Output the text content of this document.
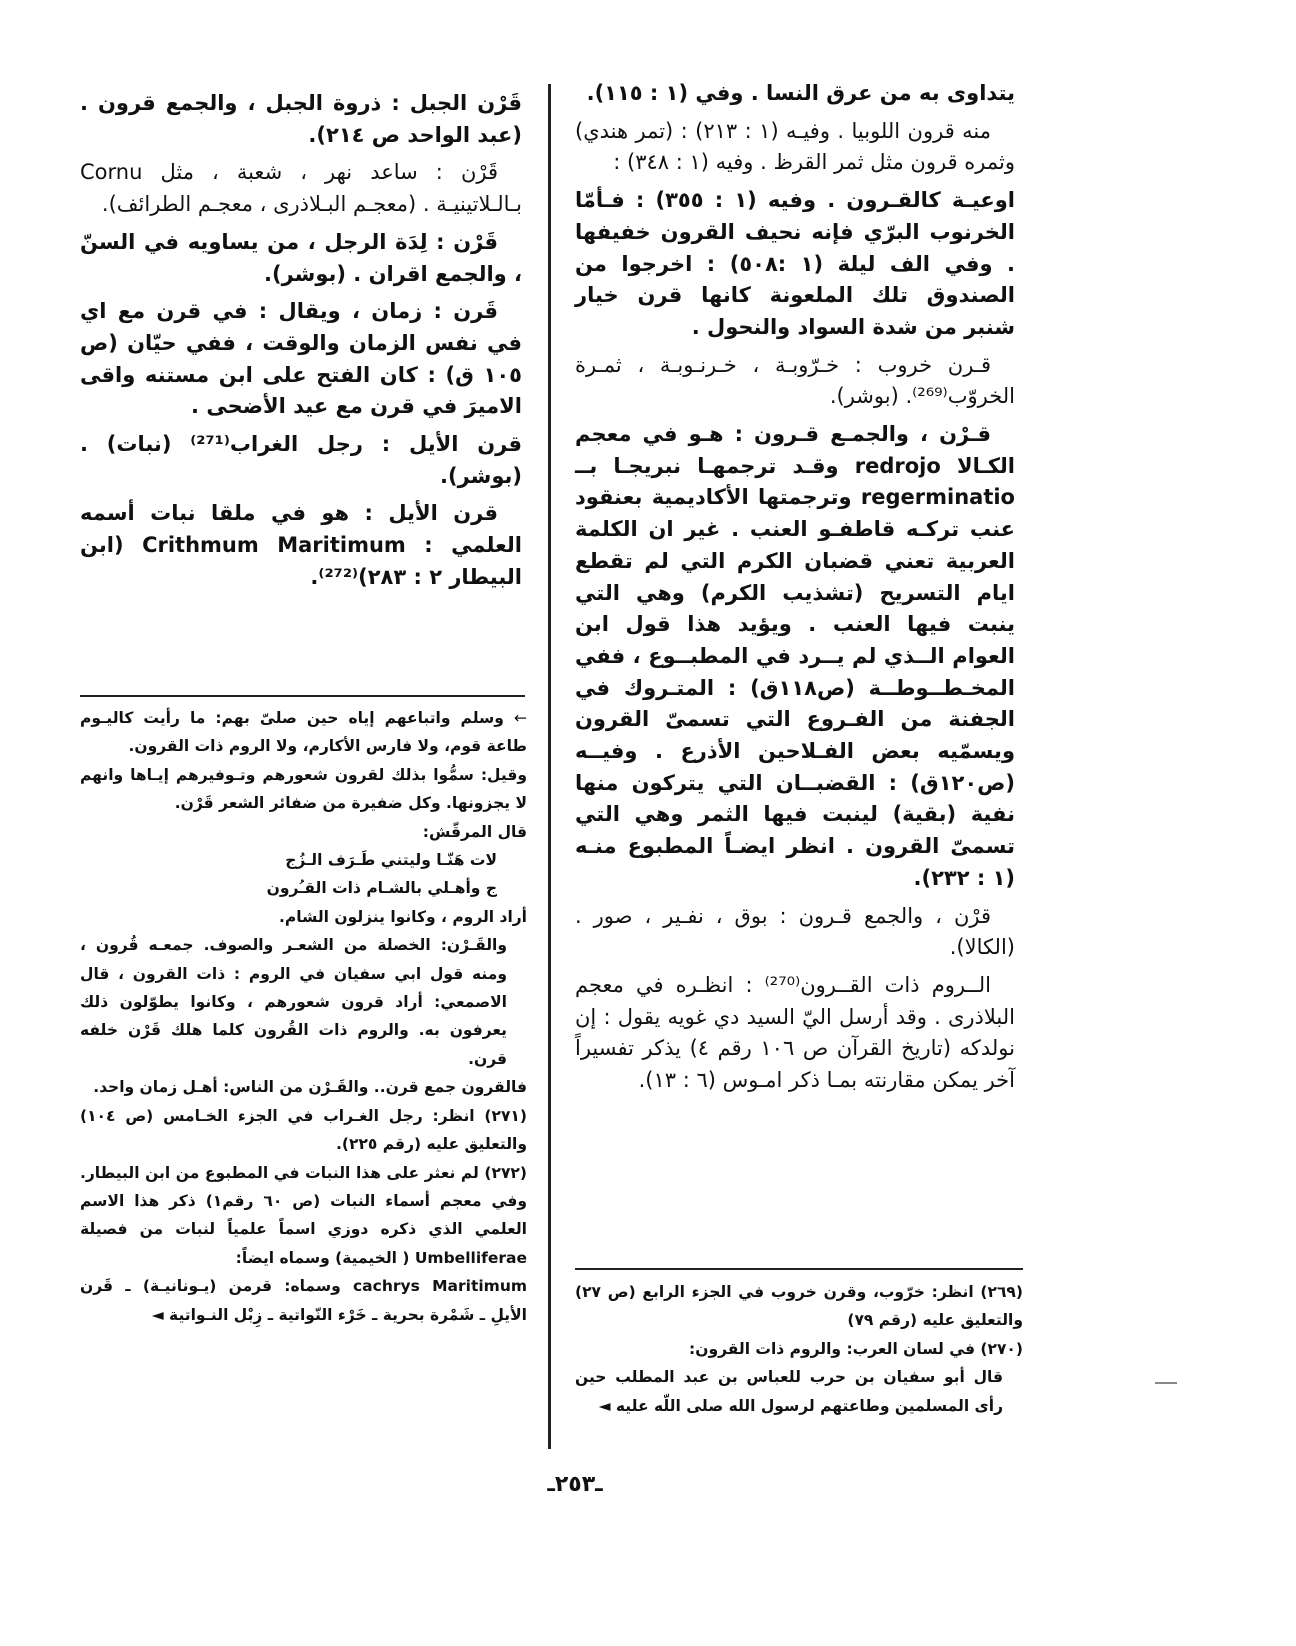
يتداوى به من عرق النسا . وفي (١ : ١١٥).

منه قرون اللوبيا . وفيـه (١ : ٢١٣) : (تمر هندي) وثمره قرون مثل ثمر القرظ . وفيه (١ : ٣٤٨) :

اوعيـة كالقـرون . وفيه (١ : ٣٥٥) : فـأمّا الخرنوب البرّي فإنه نحيف القرون خفيفها . وفي الف ليلة (١ :٥٠٨) : اخرجوا من الصندوق تلك الملعونة كانها قرن خيار شنبر من شدة السواد والنحول .

قـرن خروب : خـرّوبـة ، خـرنـوبـة ، ثمـرة الخروّب⁽²⁶⁹⁾. (بوشر).

قـرْن ، والجمـع قـرون : هـو في معجم الكـالا redrojo وقـد ترجمهـا نبريجـا بــ regerminatio وترجمتها الأكاديمية بعنقود عنب تركـه قاطفـو العنب . غير ان الكلمة العربية تعني قضبان الكرم التي لم تقطع ايام التسريح (تشذيب الكرم) وهي التي ينبت فيها العنب . ويؤيد هذا قول ابن العوام الــذي لم يــرد في المطبــوع ، ففي المخـطــوطــة (ص١١٨ق) : المتـروك في الجفنة من الفـروع التي تسمىّ القرون ويسمّيه بعض الفـلاحين الأذرع . وفيــه (ص١٢٠ق) : القضبــان التي يتركون منها نفية (بقية) لينبت فيها الثمر وهي التي تسمىّ القرون . انظر ايضـاً المطبوع منـه (١ : ٢٣٢).

قرْن ، والجمع قـرون : بوق ، نفـير ، صور . (الكالا).

الــروم ذات القــرون⁽²⁷⁰⁾ : انظـره في معجم البلاذرى . وقد أرسل اليّ السيد دي غويه يقول : إن نولدكه (تاريخ القرآن ص ١٠٦ رقم ٤) يذكر تفسيراً آخر يمكن مقارنته بمـا ذكر امـوس (٦ : ١٣).

قَرْن الجبل : ذروة الجبل ، والجمع قرون . (عبد الواحد ص ٢١٤).

قَرْن : ساعد نهر ، شعبة ، مثل Cornu بـالـلاتينيـة . (معجـم البـلاذرى ، معجـم الطرائف).

قَرْن : لِدَة الرجل ، من يساويه في السنّ ، والجمع اقران . (بوشر).

قَرن : زمان ، ويقال : في قرن مع اي في نفس الزمان والوقت ، ففي حيّان (ص ١٠٥ ق) : كان الفتح على ابن مستنه واقى الاميرَ في قرن مع عيد الأضحى .

قرن الأيل : رجل الغراب⁽²⁷¹⁾ (نبات) . (بوشر).

قرن الأيل : هو في ملقا نبات أسمه العلمي : Crithmum Maritimum (ابن البيطار ٢ : ٢٨٣)⁽²⁷²⁾.

← وسلم واتباعهم إياه حين صلىّ بهم: ما رأيت كاليـوم طاعة قوم، ولا فارس الأكارم، ولا الروم ذات القرون.

وقيل: سمُّوا بذلك لقرون شعورهم وتـوفيرهم إيـاها وانهم لا يجزونها. وكل ضفيرة من ضفائر الشعر قَرْن.

قال المرقّش:

لات هَنّـا وليتني طَـرَف الـزُج

ج وأهـلي بالشـام ذات القـُرون

أراد الروم ، وكانوا ينزلون الشام.

والقَـرْن: الخصلة من الشعـر والصوف. جمعـه قُرون ، ومنه قول ابي سفيان في الروم : ذات القرون ، قال الاصمعي: أراد قرون شعورهم ، وكانوا يطوّلون ذلك يعرفون به. والروم ذات القُرون كلما هلك قَرْن خلفه قرن.

فالقرون جمع قرن.. والقَـرْن من الناس: أهـل زمان واحد.

(٢٧١) انظر: رجل الغـراب في الجزء الخـامس (ص ١٠٤) والتعليق عليه (رقم ٢٢٥).

(٢٧٢) لم نعثر على هذا النبات في المطبوع من ابن البيطار. وفي معجم أسماء النبات (ص ٦٠ رقم١) ذكر هذا الاسم العلمي الذي ذكره دوزي اسماً علمياً لنبات من فصيلة Umbelliferae ( الخيمية) وسماه ايضاً:

cachrys Maritimum وسماه: قرمن (يـونانيـة) ـ قَرن الأيلِ ـ شَمْرة بحرية ـ خَرْء النّواتية ـ زِبْل النـواتية ◄

(٢٦٩) انظر: خرّوب، وقرن خروب في الجزء الرابع (ص ٢٧) والتعليق عليه (رقم ٧٩)

(٢٧٠) في لسان العرب: والروم ذات القرون:

قال أبو سفيان بن حرب للعباس بن عبد المطلب حين رأى المسلمين وطاعتهم لرسول الله صلى اللّه عليه ◄

ـ٢٥٣ـ
